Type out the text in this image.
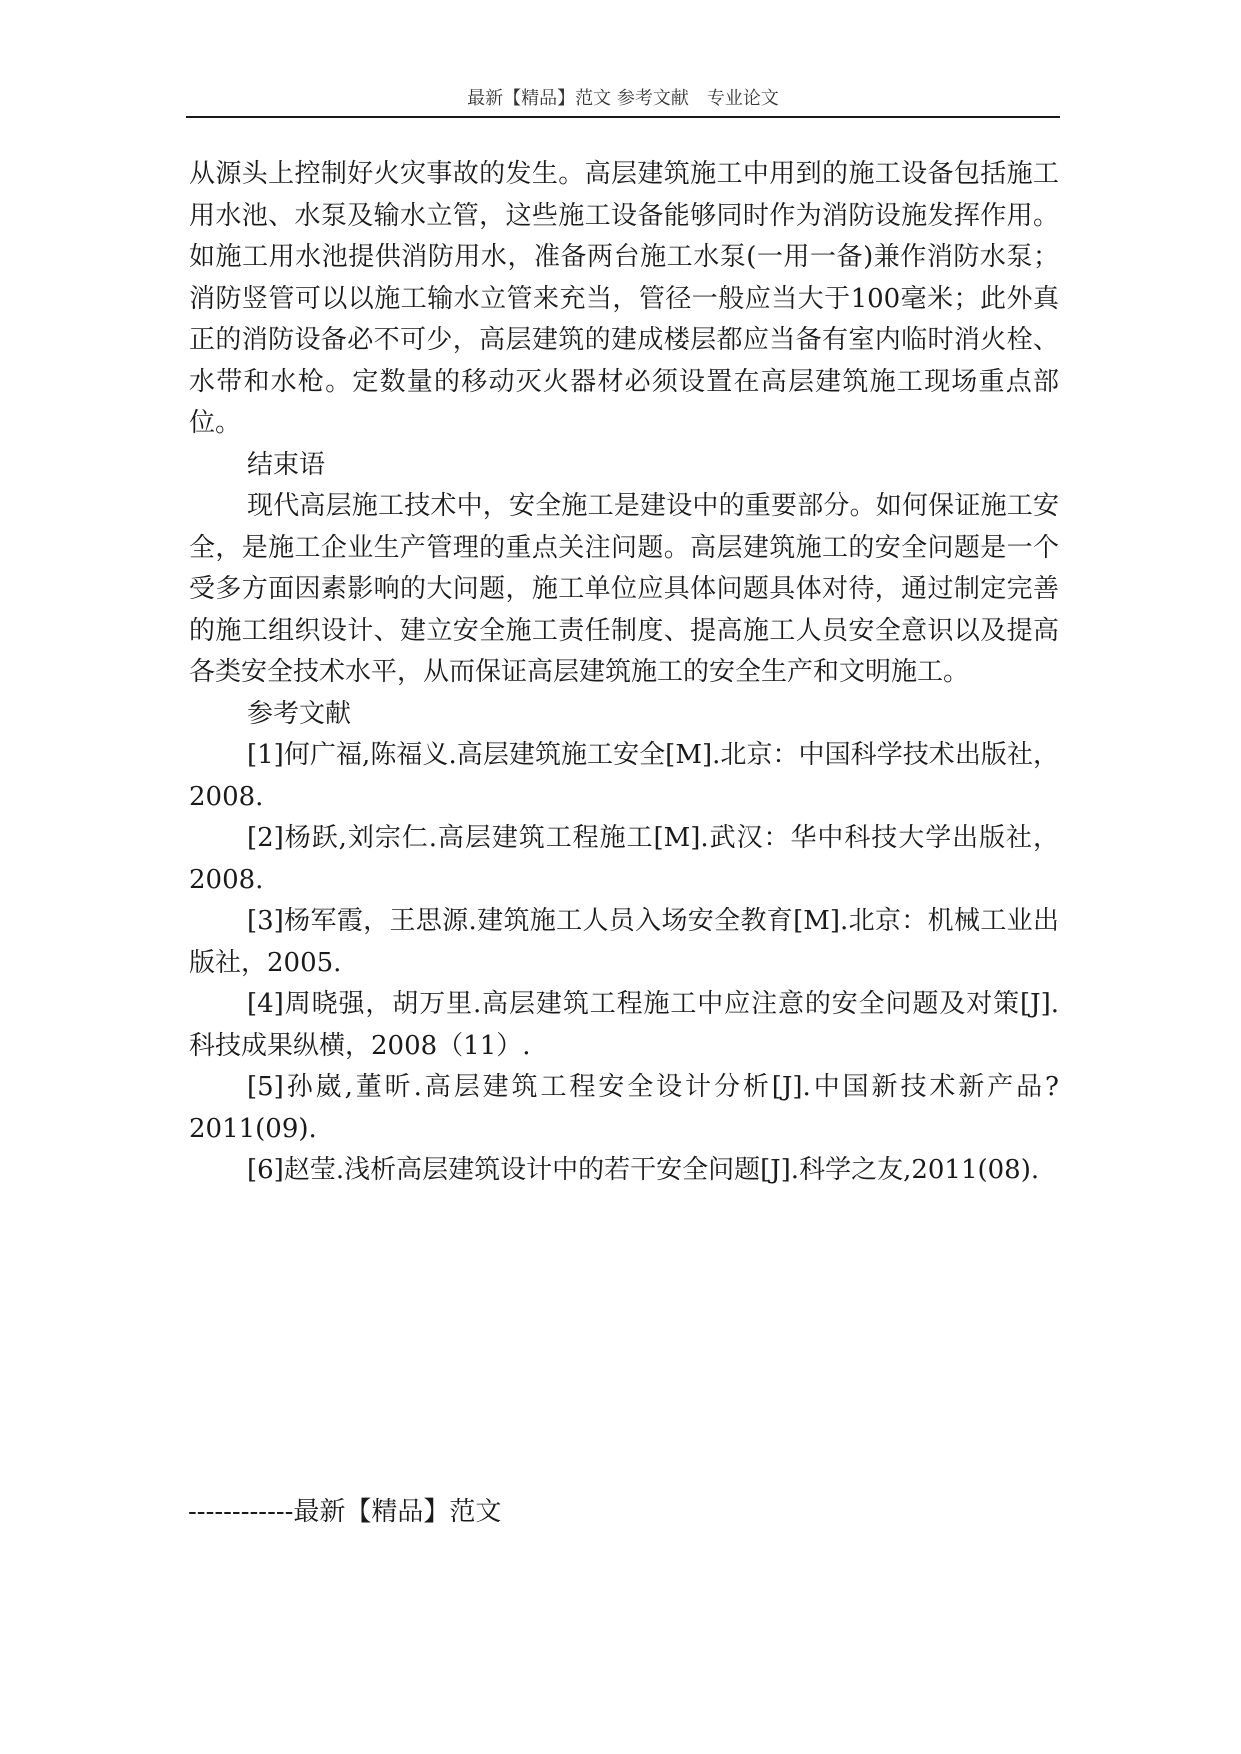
最新【精品】范文 参考文献　专业论文

从源头上控制好火灾事故的发生。高层建筑施工中用到的施工设备包括施工用水池、水泵及输水立管，这些施工设备能够同时作为消防设施发挥作用。如施工用水池提供消防用水，准备两台施工水泵(一用一备)兼作消防水泵；消防竖管可以以施工输水立管来充当，管径一般应当大于100毫米；此外真正的消防设备必不可少，高层建筑的建成楼层都应当备有室内临时消火栓、水带和水枪。定数量的移动灭火器材必须设置在高层建筑施工现场重点部位。

结束语

现代高层施工技术中，安全施工是建设中的重要部分。如何保证施工安全，是施工企业生产管理的重点关注问题。高层建筑施工的安全问题是一个受多方面因素影响的大问题，施工单位应具体问题具体对待，通过制定完善的施工组织设计、建立安全施工责任制度、提高施工人员安全意识以及提高各类安全技术水平，从而保证高层建筑施工的安全生产和文明施工。

参考文献

[1]何广福,陈福义.高层建筑施工安全[M].北京：中国科学技术出版社，2008.

[2]杨跃,刘宗仁.高层建筑工程施工[M].武汉：华中科技大学出版社，2008.

[3]杨军霞，王思源.建筑施工人员入场安全教育[M].北京：机械工业出版社，2005.

[4]周晓强，胡万里.高层建筑工程施工中应注意的安全问题及对策[J]. 科技成果纵横，2008（11）.

[5]孙崴,董昕.高层建筑工程安全设计分析[J].中国新技术新产品?2011(09).

[6]赵莹.浅析高层建筑设计中的若干安全问题[J].科学之友,2011(08).

------------最新【精品】范文
